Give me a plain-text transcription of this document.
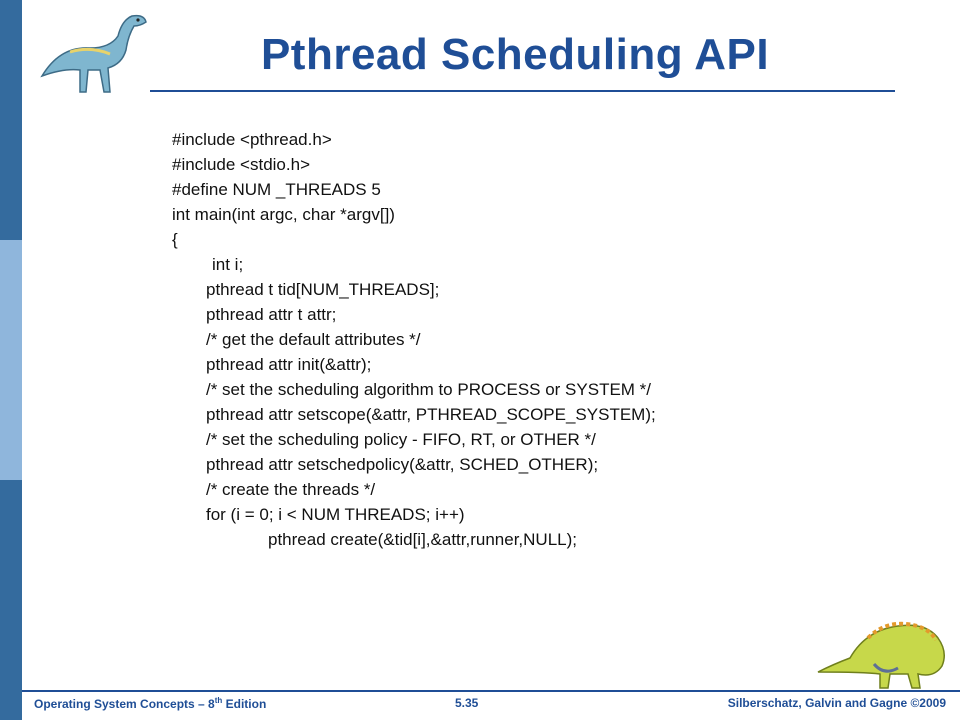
Pthread Scheduling API
#include <pthread.h>
#include <stdio.h>
#define NUM _THREADS 5
int main(int argc, char *argv[])
{
int i;
pthread t tid[NUM_THREADS];
pthread attr t attr;
/* get the default attributes */
pthread attr init(&attr);
/* set the scheduling algorithm to PROCESS or SYSTEM */
pthread attr setscope(&attr, PTHREAD_SCOPE_SYSTEM);
/* set the scheduling policy - FIFO, RT, or OTHER */
pthread attr setschedpolicy(&attr, SCHED_OTHER);
/* create the threads */
for (i = 0; i < NUM THREADS; i++)
pthread create(&tid[i],&attr,runner,NULL);
Operating System Concepts – 8th Edition	5.35	Silberschatz, Galvin and Gagne ©2009
